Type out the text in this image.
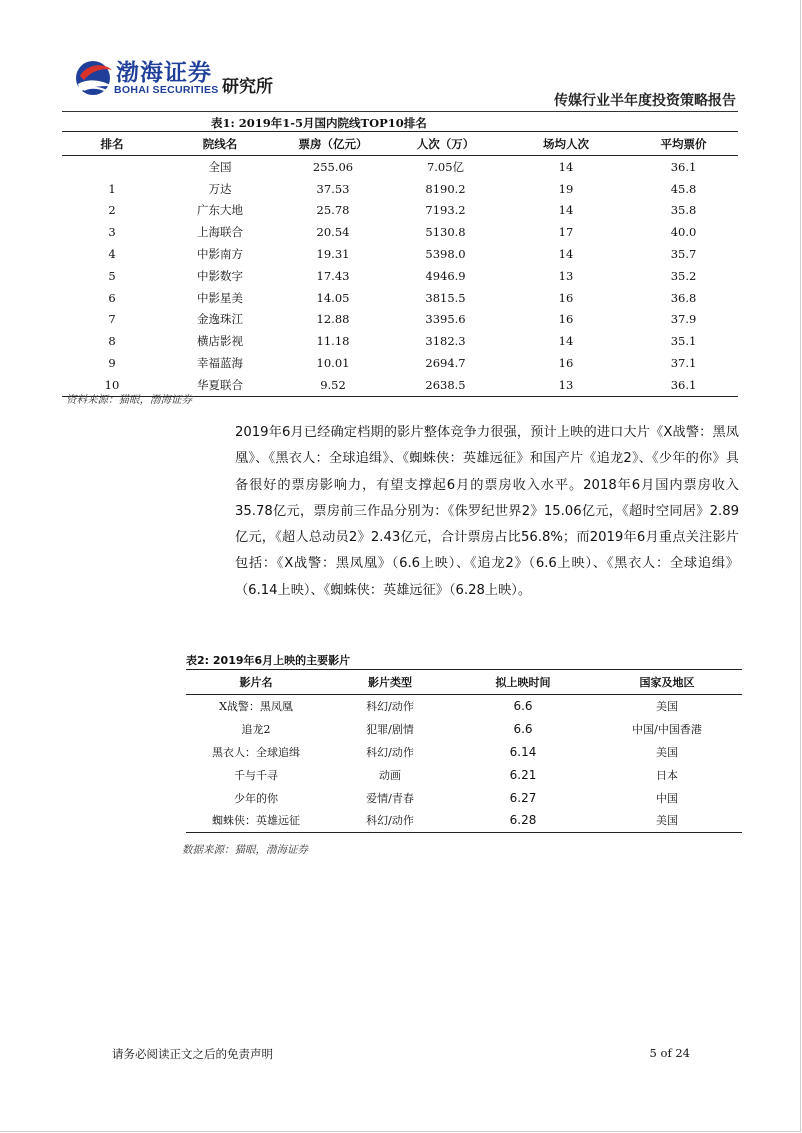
渤海证券
BOHAI SECURITIES 研究所
传媒行业半年度投资策略报告
表1: 2019年1-5月国内院线TOP10排名
排名	院线名	票房（亿元）	人次（万）	场均人次	平均票价
	全国	255.06	7.05亿	14	36.1
1	万达	37.53	8190.2	19	45.8
2	广东大地	25.78	7193.2	14	35.8
3	上海联合	20.54	5130.8	17	40.0
4	中影南方	19.31	5398.0	14	35.7
5	中影数字	17.43	4946.9	13	35.2
6	中影星美	14.05	3815.5	16	36.8
7	金逸珠江	12.88	3395.6	16	37.9
8	横店影视	11.18	3182.3	14	35.1
9	幸福蓝海	10.01	2694.7	16	37.1
10	华夏联合	9.52	2638.5	13	36.1
资料来源：猫眼，渤海证券
2019年6月已经确定档期的影片整体竞争力很强，预计上映的进口大片《X战警：黑凤凰》、《黑衣人：全球追缉》、《蜘蛛侠：英雄远征》和国产片《追龙2》、《少年的你》具备很好的票房影响力，有望支撑起6月的票房收入水平。2018年6月国内票房收入35.78亿元，票房前三作品分别为：《侏罗纪世界2》15.06亿元，《超时空同居》2.89亿元，《超人总动员2》2.43亿元，合计票房占比56.8%；而2019年6月重点关注影片包括：《X战警：黑凤凰》（6.6上映）、《追龙2》（6.6上映）、《黑衣人：全球追缉》（6.14上映）、《蜘蛛侠：英雄远征》（6.28上映）。
表2: 2019年6月上映的主要影片
影片名	影片类型	拟上映时间	国家及地区
X战警：黑凤凰	科幻/动作	6.6	美国
追龙2	犯罪/剧情	6.6	中国/中国香港
黑衣人：全球追缉	科幻/动作	6.14	美国
千与千寻	动画	6.21	日本
少年的你	爱情/青春	6.27	中国
蜘蛛侠：英雄远征	科幻/动作	6.28	美国
数据来源：猫眼，渤海证券
请务必阅读正文之后的免责声明	5 of 24
